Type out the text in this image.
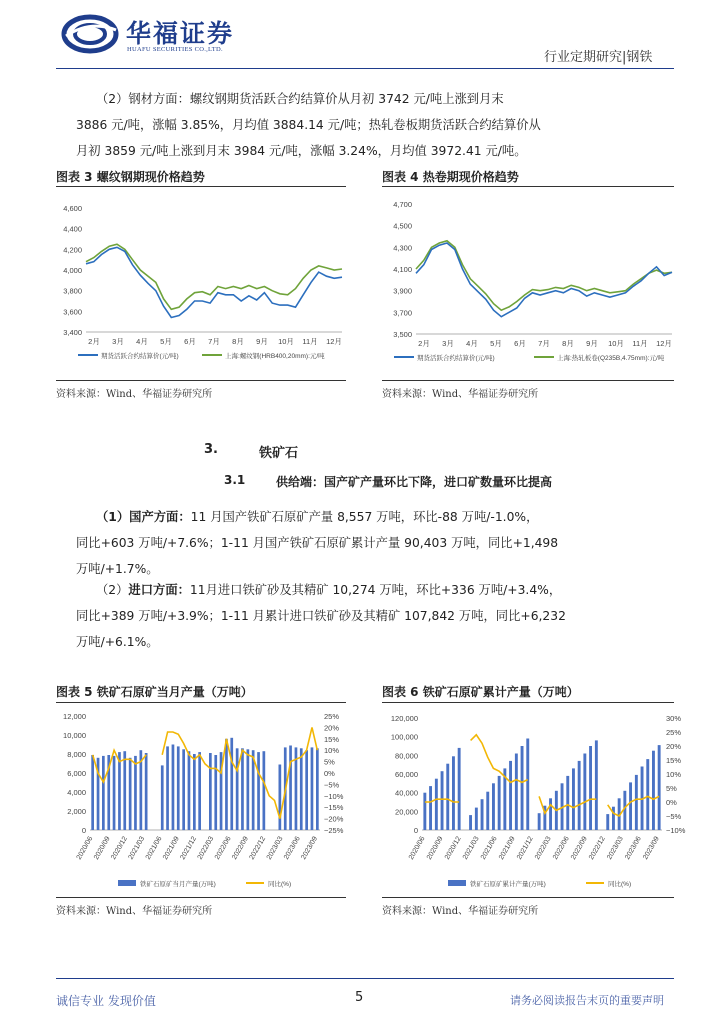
华福证券
HUAFU SECURITIES CO.,LTD.
行业定期研究|钢铁
（2）钢材方面：螺纹钢期货活跃合约结算价从月初 3742 元/吨上涨到月末
3886 元/吨，涨幅 3.85%，月均值 3884.14 元/吨；热轧卷板期货活跃合约结算价从
月初 3859 元/吨上涨到月末 3984 元/吨，涨幅 3.24%，月均值 3972.41 元/吨。
图表 3 螺纹钢期现价格趋势	图表 4 热卷期现价格趋势
3,400
3,600
3,800
4,000
4,200
4,400
4,600
2月 3月 4月 5月 6月 7月 8月 9月 10月 11月 12月
期货活跃合约结算价(元/吨)	上海:螺纹钢(HRB400,20mm):元/吨
3,500
3,700
3,900
4,100
4,300
4,500
4,700
2月 3月 4月 5月 6月 7月 8月 9月 10月 11月 12月
期货活跃合约结算价(元/吨)	上海:热轧板卷(Q235B,4.75mm):元/吨
资料来源：Wind、华福证券研究所	资料来源：Wind、华福证券研究所
3.	铁矿石
3.1	供给端：国产矿产量环比下降，进口矿数量环比提高
（1）国产方面：11 月国产铁矿石原矿产量 8,557 万吨，环比-88 万吨/-1.0%，
同比+603 万吨/+7.6%；1-11 月国产铁矿石原矿累计产量 90,403 万吨，同比+1,498
万吨/+1.7%。
（2）进口方面：11月进口铁矿砂及其精矿 10,274 万吨，环比+336 万吨/+3.4%，
同比+389 万吨/+3.9%；1-11 月累计进口铁矿砂及其精矿 107,842 万吨，同比+6,232
万吨/+6.1%。
图表 5 铁矿石原矿当月产量（万吨）	图表 6 铁矿石原矿累计产量（万吨）
0
2,000
4,000
6,000
8,000
10,000
12,000
−25%
−20%
−15%
−10%
−5%
0%
5%
10%
15%
20%
25%
2020/06
2020/09
2020/12
2021/03
2021/06
2021/09
2021/12
2022/03
2022/06
2022/09
2022/12
2023/03
2023/06
2023/09
铁矿石原矿当月产量(万吨)	同比(%)
0
20,000
40,000
60,000
80,000
100,000
120,000
−10%
−5%
0%
5%
10%
15%
20%
25%
30%
2020/06 2020/09 2020/12 2021/03 2021/06 2021/09 2021/12 2022/03 2022/06 2022/09 2022/12 2023/03 2023/06 2023/09
铁矿石原矿累计产量(万吨)	同比(%)
资料来源：Wind、华福证券研究所	资料来源：Wind、华福证券研究所
诚信专业 发现价值	5	请务必阅读报告末页的重要声明
